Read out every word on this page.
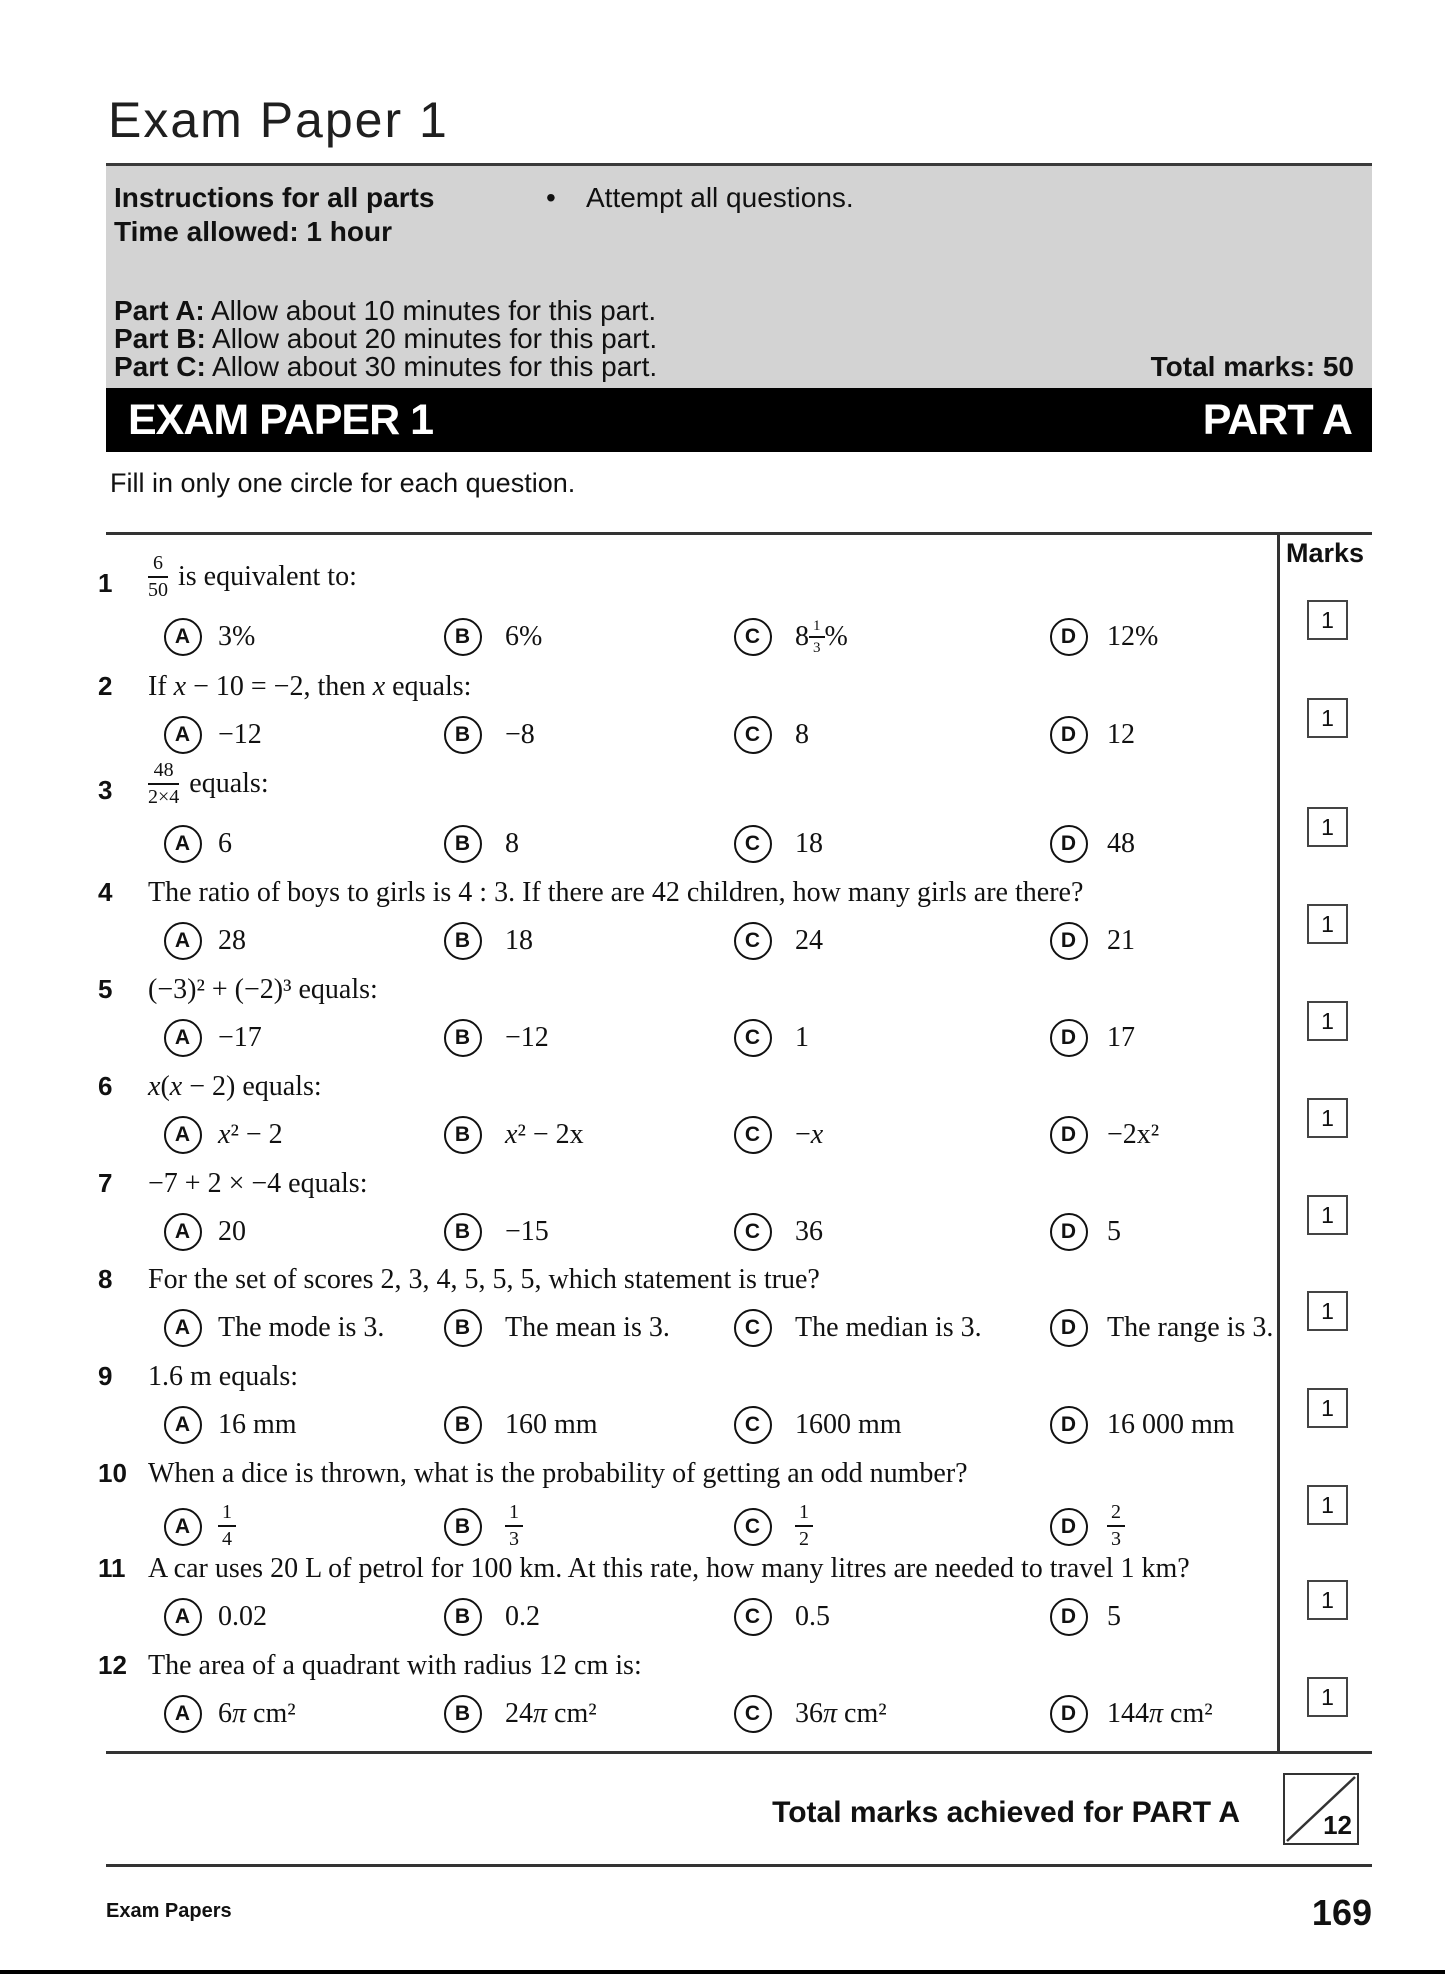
Exam Paper 1
Instructions for all parts	• Attempt all questions.
Time allowed: 1 hour
Part A: Allow about 10 minutes for this part.
Part B: Allow about 20 minutes for this part.
Part C: Allow about 30 minutes for this part.	Total marks: 50
EXAM PAPER 1	PART A
Fill in only one circle for each question.
Marks
$1 \frac{6}{50}$ is equivalent to:
A 3%	B 6%	C $8 \frac{1}{3}$ %	D 12%
1
2 If x − 10 = −2, then x equals:
A −12	B −8	C 8	D 12
1
$3 \frac{48}{2\times 4}$ equals:
A 6	B 8	C 18	D 48
1
4 The ratio of boys to girls is 4 : 3. If there are 42 children, how many girls are there?
A 28	B 18	C 24	D 21
1
5 (−3)² + (−2)³ equals:
A −17	B −12	C 1	D 17
1
6 x(x − 2) equals:
A x² − 2	B x² − 2x	C −x	D −2x²
1
7 −7 + 2 × −4 equals:
A 20	B −15	C 36	D 5
1
8 For the set of scores 2, 3, 4, 5, 5, 5, which statement is true?
A The mode is 3.	B The mean is 3.	C The median is 3.	D The range is 3.
1
9 1.6 m equals:
A 16 mm	B 160 mm	C 1600 mm	D 16 000 mm
1
10 When a dice is thrown, what is the probability of getting an odd number?
A $\frac{1}{4}$	B $\frac{1}{3}$	C $\frac{1}{2}$	D $\frac{2}{3}$	1
11 A car uses 20 L of petrol for 100 km. At this rate, how many litres are needed to travel 1 km?
A 0.02	B 0.2	C 0.5	D 5
1
12 The area of a quadrant with radius 12 cm is:
A 6π cm²	B 24π cm²	C 36π cm²	D 144π cm²
1
Total marks achieved for PART A	12
Exam Papers	169
